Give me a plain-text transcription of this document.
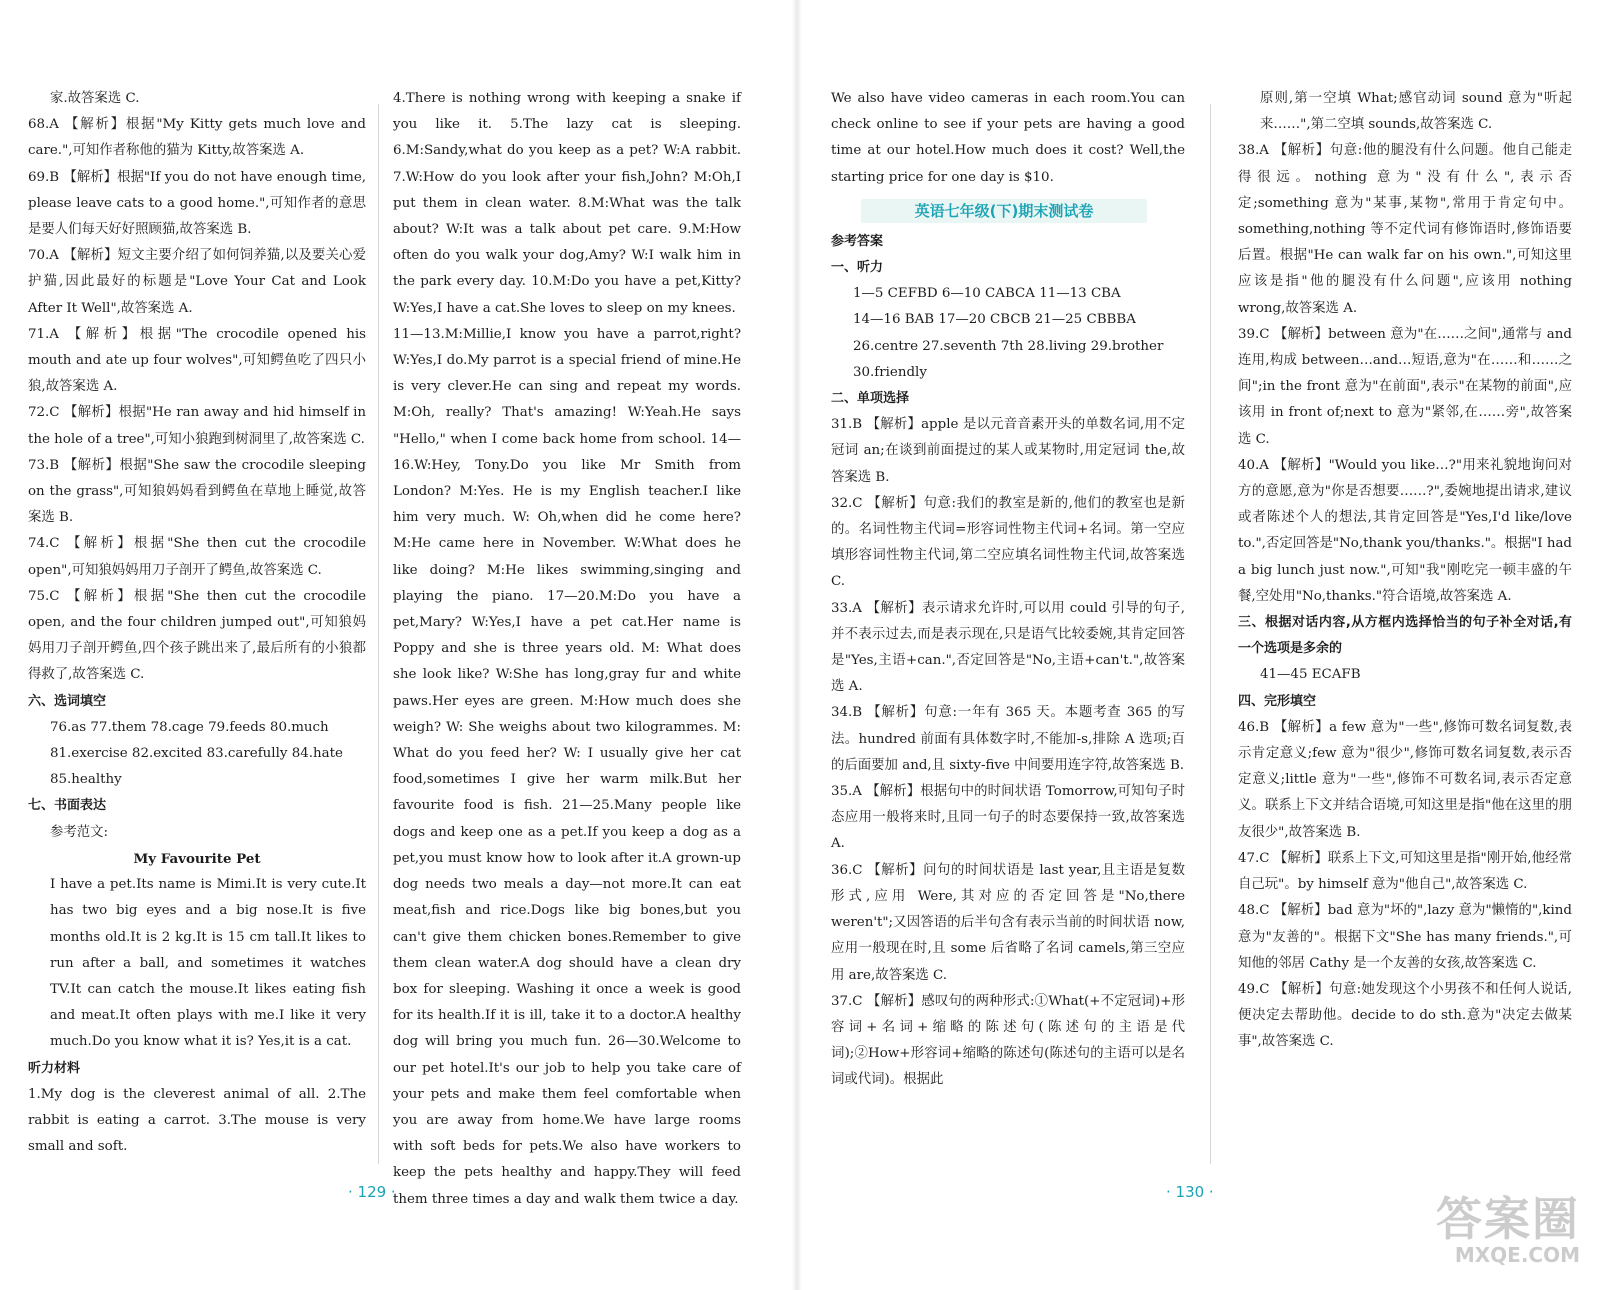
家.故答案选 C.

68.A 【解析】根据"My Kitty gets much love and care.",可知作者称他的猫为 Kitty,故答案选 A.

69.B 【解析】根据"If you do not have enough time, please leave cats to a good home.",可知作者的意思是要人们每天好好照顾猫,故答案选 B.

70.A 【解析】短文主要介绍了如何饲养猫,以及要关心爱护猫,因此最好的标题是"Love Your Cat and Look After It Well",故答案选 A.

71.A 【解析】根据"The crocodile opened his mouth and ate up four wolves",可知鳄鱼吃了四只小狼,故答案选 A.

72.C 【解析】根据"He ran away and hid himself in the hole of a tree",可知小狼跑到树洞里了,故答案选 C.

73.B 【解析】根据"She saw the crocodile sleeping on the grass",可知狼妈妈看到鳄鱼在草地上睡觉,故答案选 B.

74.C 【解析】根据"She then cut the crocodile open",可知狼妈妈用刀子剖开了鳄鱼,故答案选 C.

75.C 【解析】根据"She then cut the crocodile open, and the four children jumped out",可知狼妈妈用刀子剖开鳄鱼,四个孩子跳出来了,最后所有的小狼都得救了,故答案选 C.

六、选词填空

76.as 77.them 78.cage 79.feeds 80.much

81.exercise 82.excited 83.carefully 84.hate

85.healthy

七、书面表达

参考范文:

My Favourite Pet

I have a pet.Its name is Mimi.It is very cute.It has two big eyes and a big nose.It is five months old.It is 2 kg.It is 15 cm tall.It likes to run after a ball, and sometimes it watches TV.It can catch the mouse.It likes eating fish and meat.It often plays with me.I like it very much.Do you know what it is? Yes,it is a cat.

听力材料

1.My dog is the cleverest animal of all. 2.The rabbit is eating a carrot. 3.The mouse is very small and soft.

4.There is nothing wrong with keeping a snake if you like it. 5.The lazy cat is sleeping. 6.M:Sandy,what do you keep as a pet? W:A rabbit. 7.W:How do you look after your fish,John? M:Oh,I put them in clean water. 8.M:What was the talk about? W:It was a talk about pet care. 9.M:How often do you walk your dog,Amy? W:I walk him in the park every day. 10.M:Do you have a pet,Kitty? W:Yes,I have a cat.She loves to sleep on my knees.

11—13.M:Millie,I know you have a parrot,right? W:Yes,I do.My parrot is a special friend of mine.He is very clever.He can sing and repeat my words. M:Oh, really? That's amazing! W:Yeah.He says "Hello," when I come back home from school. 14—16.W:Hey, Tony.Do you like Mr Smith from London? M:Yes. He is my English teacher.I like him very much. W: Oh,when did he come here? M:He came here in November. W:What does he like doing? M:He likes swimming,singing and playing the piano. 17—20.M:Do you have a pet,Mary? W:Yes,I have a pet cat.Her name is Poppy and she is three years old. M: What does she look like? W:She has long,gray fur and white paws.Her eyes are green. M:How much does she weigh? W: She weighs about two kilogrammes. M: What do you feed her? W: I usually give her cat food,sometimes I give her warm milk.But her favourite food is fish. 21—25.Many people like dogs and keep one as a pet.If you keep a dog as a pet,you must know how to look after it.A grown-up dog needs two meals a day—not more.It can eat meat,fish and rice.Dogs like big bones,but you can't give them chicken bones.Remember to give them clean water.A dog should have a clean dry box for sleeping. Washing it once a week is good for its health.If it is ill, take it to a doctor.A healthy dog will bring you much fun. 26—30.Welcome to our pet hotel.It's our job to help you take care of your pets and make them feel comfortable when you are away from home.We have large rooms with soft beds for pets.We also have workers to keep the pets healthy and happy.They will feed them three times a day and walk them twice a day.

We also have video cameras in each room.You can check online to see if your pets are having a good time at our hotel.How much does it cost? Well,the starting price for one day is $10.

英语七年级(下)期末测试卷

参考答案

一、听力

1—5 CEFBD 6—10 CABCA 11—13 CBA

14—16 BAB 17—20 CBCB 21—25 CBBBA

26.centre 27.seventh 7th 28.living 29.brother

30.friendly

二、单项选择

31.B 【解析】apple 是以元音音素开头的单数名词,用不定冠词 an;在谈到前面提过的某人或某物时,用定冠词 the,故答案选 B.

32.C 【解析】句意:我们的教室是新的,他们的教室也是新的。名词性物主代词=形容词性物主代词+名词。第一空应填形容词性物主代词,第二空应填名词性物主代词,故答案选 C.

33.A 【解析】表示请求允许时,可以用 could 引导的句子,并不表示过去,而是表示现在,只是语气比较委婉,其肯定回答是"Yes,主语+can.",否定回答是"No,主语+can't.",故答案选 A.

34.B 【解析】句意:一年有 365 天。本题考查 365 的写法。hundred 前面有具体数字时,不能加-s,排除 A 选项;百的后面要加 and,且 sixty-five 中间要用连字符,故答案选 B.

35.A 【解析】根据句中的时间状语 Tomorrow,可知句子时态应用一般将来时,且同一句子的时态要保持一致,故答案选 A.

36.C 【解析】问句的时间状语是 last year,且主语是复数形式,应用 Were,其对应的否定回答是"No,there weren't";又因答语的后半句含有表示当前的时间状语 now,应用一般现在时,且 some 后省略了名词 camels,第三空应用 are,故答案选 C.

37.C 【解析】感叹句的两种形式:①What(+不定冠词)+形容词+名词+缩略的陈述句(陈述句的主语是代词);②How+形容词+缩略的陈述句(陈述句的主语可以是名词或代词)。根据此

原则,第一空填 What;感官动词 sound 意为"听起来……",第二空填 sounds,故答案选 C.

38.A 【解析】句意:他的腿没有什么问题。他自己能走得很远。nothing 意为"没有什么",表示否定;something 意为"某事,某物",常用于肯定句中。something,nothing 等不定代词有修饰语时,修饰语要后置。根据"He can walk far on his own.",可知这里应该是指"他的腿没有什么问题",应该用 nothing wrong,故答案选 A.

39.C 【解析】between 意为"在……之间",通常与 and 连用,构成 between…and…短语,意为"在……和……之间";in the front 意为"在前面",表示"在某物的前面",应该用 in front of;next to 意为"紧邻,在……旁",故答案选 C.

40.A 【解析】"Would you like…?"用来礼貌地询问对方的意愿,意为"你是否想要……?",委婉地提出请求,建议或者陈述个人的想法,其肯定回答是"Yes,I'd like/love to.",否定回答是"No,thank you/thanks."。根据"I had a big lunch just now.",可知"我"刚吃完一顿丰盛的午餐,空处用"No,thanks."符合语境,故答案选 A.

三、根据对话内容,从方框内选择恰当的句子补全对话,有一个选项是多余的

41—45 ECAFB

四、完形填空

46.B 【解析】a few 意为"一些",修饰可数名词复数,表示肯定意义;few 意为"很少",修饰可数名词复数,表示否定意义;little 意为"一些",修饰不可数名词,表示否定意义。联系上下文并结合语境,可知这里是指"他在这里的朋友很少",故答案选 B.

47.C 【解析】联系上下文,可知这里是指"刚开始,他经常自己玩"。by himself 意为"他自己",故答案选 C.

48.C 【解析】bad 意为"坏的",lazy 意为"懒惰的",kind 意为"友善的"。根据下文"She has many friends.",可知他的邻居 Cathy 是一个友善的女孩,故答案选 C.

49.C 【解析】句意:她发现这个小男孩不和任何人说话,便决定去帮助他。decide to do sth.意为"决定去做某事",故答案选 C.

· 129 ·	· 130 ·	答案圈
MXQE.COM
